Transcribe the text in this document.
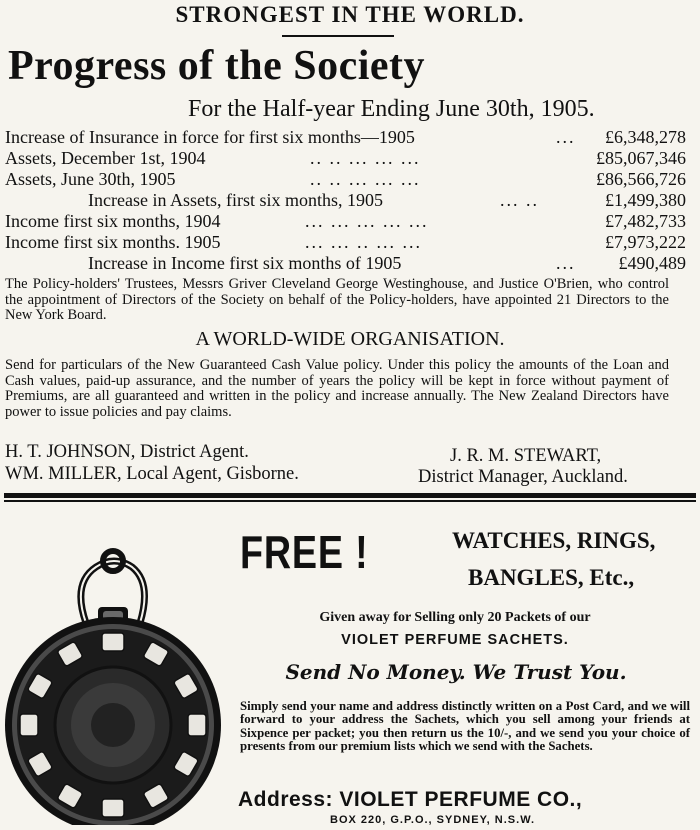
STRONGEST IN THE WORLD.
Progress of the Society
For the Half-year Ending June 30th, 1905.
Increase of Insurance in force for first six months—1905	... £6,348,278
Assets, December 1st, 1904	.. .. ... ... ...	£85,067,346
Assets, June 30th, 1905	.. .. ... ... ...	£86,566,726
Increase in Assets, first six months, 1905	... ..	£1,499,380
Income first six months, 1904	... ... ... ... ...	£7,482,733
Income first six months. 1905	... ... .. ... ...	£7,973,222
Increase in Income first six months of 1905	... £490,489
The Policy-holders' Trustees, Messrs Griver Cleveland George Westinghouse, and Justice O'Brien, who control the appointment of Directors of the Society on behalf of the Policy-holders, have appointed 21 Directors to the New York Board.
A WORLD-WIDE ORGANISATION.
Send for particulars of the New Guaranteed Cash Value policy. Under this policy the amounts of the Loan and Cash values, paid-up assurance, and the number of years the policy will be kept in force without payment of Premiums, are all guaranteed and written in the policy and increase annually. The New Zealand Directors have power to issue policies and pay claims.
H. T. JOHNSON, District Agent.
WM. MILLER, Local Agent, Gisborne.
J. R. M. STEWART,
District Manager, Auckland.
FREE !	WATCHES, RINGS,
BANGLES, Etc.,
Given away for Selling only 20 Packets of our
VIOLET PERFUME SACHETS.
Send No Money. We Trust You.
Simply send your name and address distinctly written on a Post Card, and we will forward to your address the Sachets, which you sell among your friends at Sixpence per packet; you then return us the 10/-, and we send you your choice of presents from our premium lists which we send with the Sachets.
Address: VIOLET PERFUME CO.,
BOX 220, G.P.O., SYDNEY, N.S.W.
